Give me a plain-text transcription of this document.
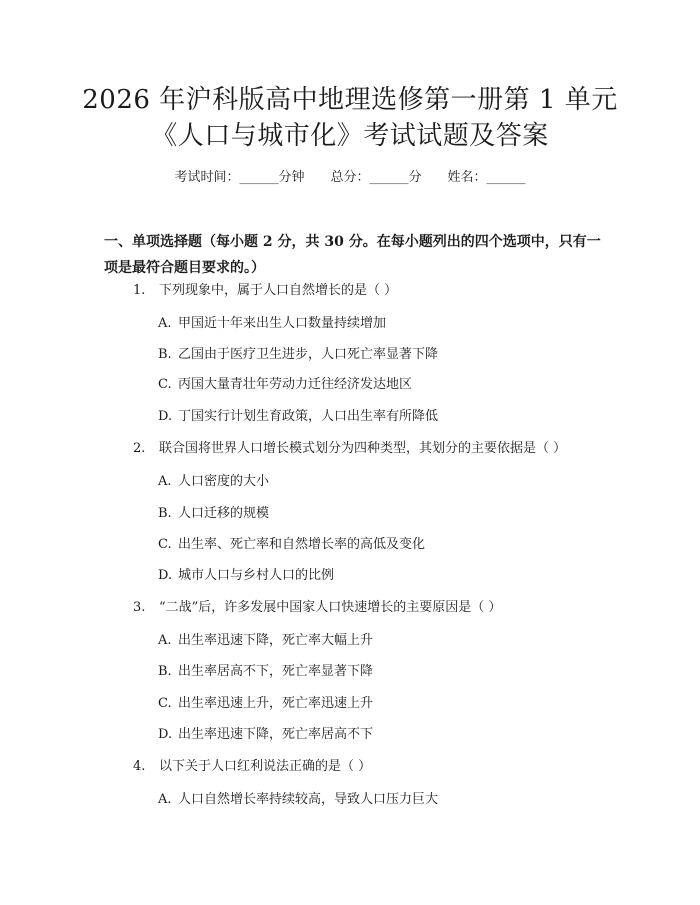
2026 年沪科版高中地理选修第一册第 1 单元
《人口与城市化》考试试题及答案
考试时间：______分钟 总分：______分 姓名：______
一、单项选择题（每小题 2 分，共 30 分。在每小题列出的四个选项中，只有一项是最符合题目要求的。）
1. 下列现象中，属于人口自然增长的是（ ）
A. 甲国近十年来出生人口数量持续增加
B. 乙国由于医疗卫生进步，人口死亡率显著下降
C. 丙国大量青壮年劳动力迁往经济发达地区
D. 丁国实行计划生育政策，人口出生率有所降低
2. 联合国将世界人口增长模式划分为四种类型，其划分的主要依据是（ ）
A. 人口密度的大小
B. 人口迁移的规模
C. 出生率、死亡率和自然增长率的高低及变化
D. 城市人口与乡村人口的比例
3. “二战”后，许多发展中国家人口快速增长的主要原因是（ ）
A. 出生率迅速下降，死亡率大幅上升
B. 出生率居高不下，死亡率显著下降
C. 出生率迅速上升，死亡率迅速上升
D. 出生率迅速下降，死亡率居高不下
4. 以下关于人口红利说法正确的是（ ）
A. 人口自然增长率持续较高，导致人口压力巨大
